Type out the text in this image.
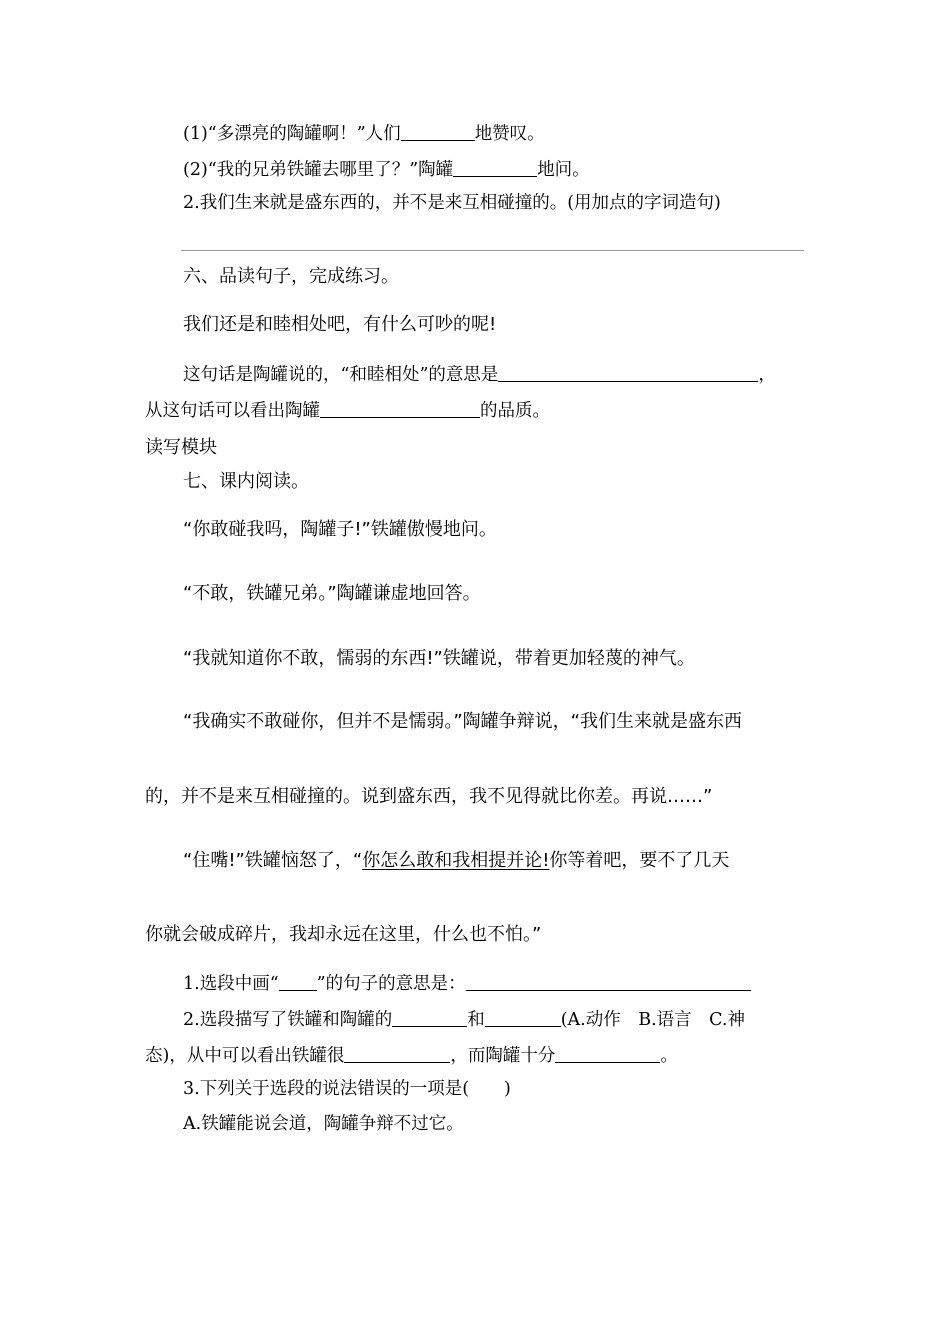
(1)“多漂亮的陶罐啊！”人们	地赞叹。
(2)“我的兄弟铁罐去哪里了？”陶罐	地问。
2.我们生来就是盛东西的，并不是来互相碰撞的。(用加点的字词造句)
六、品读句子，完成练习。
我们还是和睦相处吧，有什么可吵的呢!
这句话是陶罐说的，“和睦相处”的意思是	，
从这句话可以看出陶罐	的品质。
读写模块
七、课内阅读。
“你敢碰我吗，陶罐子!”铁罐傲慢地问。
“不敢，铁罐兄弟。”陶罐谦虚地回答。
“我就知道你不敢，懦弱的东西!”铁罐说，带着更加轻蔑的神气。
“我确实不敢碰你，但并不是懦弱。”陶罐争辩说，“我们生来就是盛东西
的，并不是来互相碰撞的。说到盛东西，我不见得就比你差。再说……”
“住嘴!”铁罐恼怒了，“你怎么敢和我相提并论!你等着吧，要不了几天
你就会破成碎片，我却永远在这里，什么也不怕。”
1.选段中画“ ”的句子的意思是：
2.选段描写了铁罐和陶罐的	和	(A.动作　B.语言　C.神
态)，从中可以看出铁罐很	，而陶罐十分	。
3.下列关于选段的说法错误的一项是(　　)
A.铁罐能说会道，陶罐争辩不过它。
